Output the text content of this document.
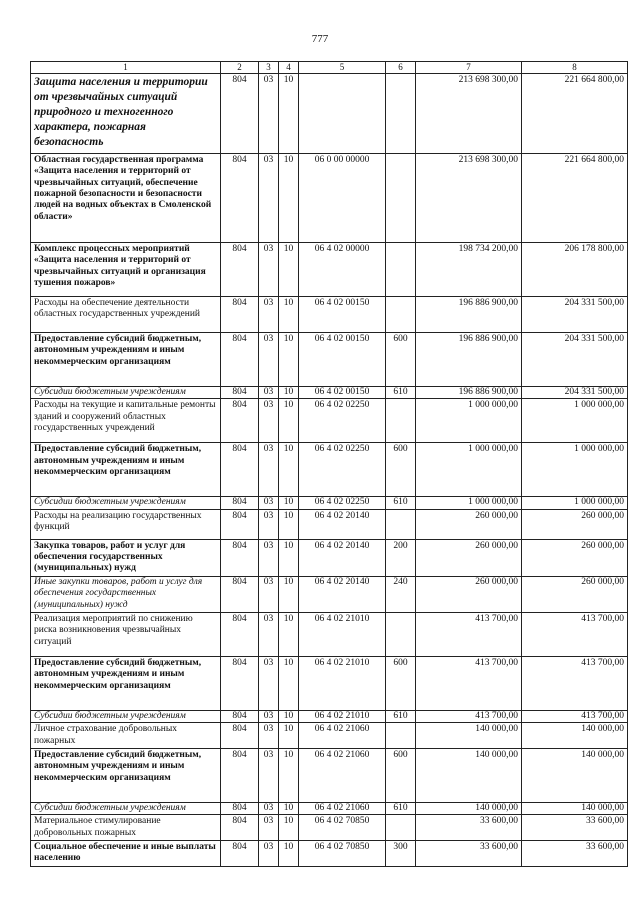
777
1	2	3	4	5	6	7	8
Защита населения и территории от чрезвычайных ситуаций природного и техногенного характера, пожарная безопасность	804	03	10			213 698 300,00	221 664 800,00
Областная государственная программа «Защита населения и территорий от чрезвычайных ситуаций, обеспечение пожарной безопасности и безопасности людей на водных объектах в Смоленской области»	804	03	10	06 0 00 00000		213 698 300,00	221 664 800,00
Комплекс процессных мероприятий «Защита населения и территорий от чрезвычайных ситуаций и организация тушения пожаров»	804	03	10	06 4 02 00000		198 734 200,00	206 178 800,00
Расходы на обеспечение деятельности областных государственных учреждений	804	03	10	06 4 02 00150		196 886 900,00	204 331 500,00
Предоставление субсидий бюджетным, автономным учреждениям и иным некоммерческим организациям	804	03	10	06 4 02 00150	600	196 886 900,00	204 331 500,00
Субсидии бюджетным учреждениям	804	03	10	06 4 02 00150	610	196 886 900,00	204 331 500,00
Расходы на текущие и капитальные ремонты зданий и сооружений областных государственных учреждений	804	03	10	06 4 02 02250		1 000 000,00	1 000 000,00
Предоставление субсидий бюджетным, автономным учреждениям и иным некоммерческим организациям	804	03	10	06 4 02 02250	600	1 000 000,00	1 000 000,00
Субсидии бюджетным учреждениям	804	03	10	06 4 02 02250	610	1 000 000,00	1 000 000,00
Расходы на реализацию государственных функций	804	03	10	06 4 02 20140		260 000,00	260 000,00
Закупка товаров, работ и услуг для обеспечения государственных (муниципальных) нужд	804	03	10	06 4 02 20140	200	260 000,00	260 000,00
Иные закупки товаров, работ и услуг для обеспечения государственных (муниципальных) нужд	804	03	10	06 4 02 20140	240	260 000,00	260 000,00
Реализация мероприятий по снижению риска возникновения чрезвычайных ситуаций	804	03	10	06 4 02 21010		413 700,00	413 700,00
Предоставление субсидий бюджетным, автономным учреждениям и иным некоммерческим организациям	804	03	10	06 4 02 21010	600	413 700,00	413 700,00
Субсидии бюджетным учреждениям	804	03	10	06 4 02 21010	610	413 700,00	413 700,00
Личное страхование добровольных пожарных	804	03	10	06 4 02 21060		140 000,00	140 000,00
Предоставление субсидий бюджетным, автономным учреждениям и иным некоммерческим организациям	804	03	10	06 4 02 21060	600	140 000,00	140 000,00
Субсидии бюджетным учреждениям	804	03	10	06 4 02 21060	610	140 000,00	140 000,00
Материальное стимулирование добровольных пожарных	804	03	10	06 4 02 70850		33 600,00	33 600,00
Социальное обеспечение и иные выплаты населению	804	03	10	06 4 02 70850	300	33 600,00	33 600,00
